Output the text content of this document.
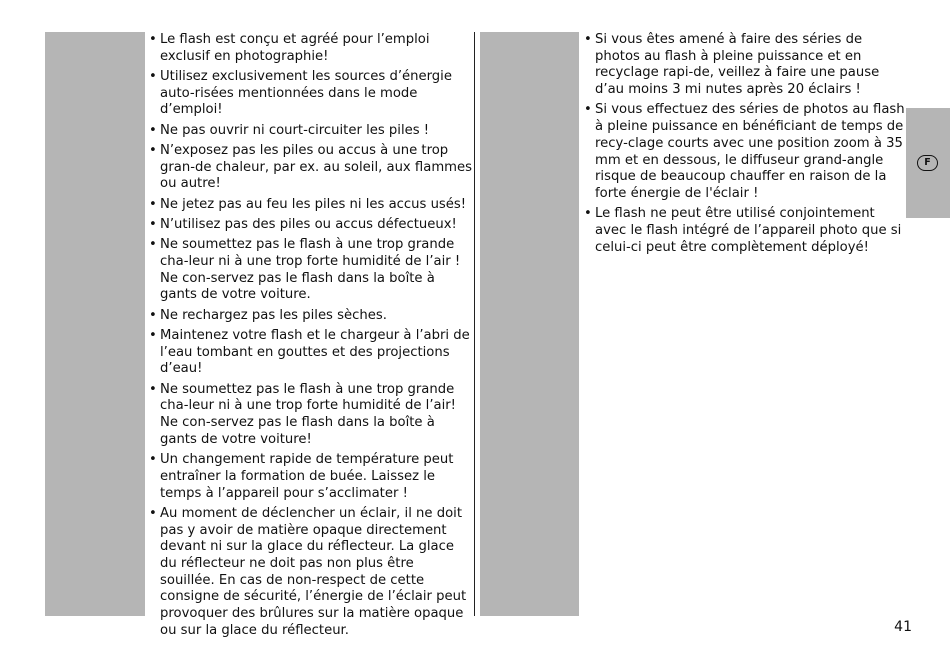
• Le flash est conçu et agréé pour l’emploi exclusif en photographie!
• Utilisez exclusivement les sources d’énergie auto-risées mentionnées dans le mode d’emploi!
• Ne pas ouvrir ni court-circuiter les piles !
• N’exposez pas les piles ou accus à une trop gran-de chaleur, par ex. au soleil, aux flammes ou autre!
• Ne jetez pas au feu les piles ni les accus usés!
• N’utilisez pas des piles ou accus défectueux!
• Ne soumettez pas le flash à une trop grande cha-leur ni à une trop forte humidité de l’air ! Ne con-servez pas le flash dans la boîte à gants de votre voiture.
• Ne rechargez pas les piles sèches.
• Maintenez votre flash et le chargeur à l’abri de l’eau tombant en gouttes et des projections d’eau!
• Ne soumettez pas le flash à une trop grande cha-leur ni à une trop forte humidité de l’air! Ne con-servez pas le flash dans la boîte à gants de votre voiture!
• Un changement rapide de température peut entraîner la formation de buée. Laissez le temps à l’appareil pour s’acclimater !
• Au moment de déclencher un éclair, il ne doit pas y avoir de matière opaque directement devant ni sur la glace du réflecteur. La glace du réflecteur ne doit pas non plus être souillée. En cas de non-respect de cette consigne de sécurité, l’énergie de l’éclair peut provoquer des brûlures sur la matière opaque ou sur la glace du réflecteur.
• Si vous êtes amené à faire des séries de photos au flash à pleine puissance et en recyclage rapi-de, veillez à faire une pause d’au moins 3 mi nutes après 20 éclairs !
• Si vous effectuez des séries de photos au flash à pleine puissance en bénéficiant de temps de recy-clage courts avec une position zoom à 35 mm et en dessous, le diffuseur grand-angle risque de beaucoup chauffer en raison de la forte énergie de l'éclair !
• Le flash ne peut être utilisé conjointement avec le flash intégré de l’appareil photo que si celui-ci peut être complètement déployé!
F
41
